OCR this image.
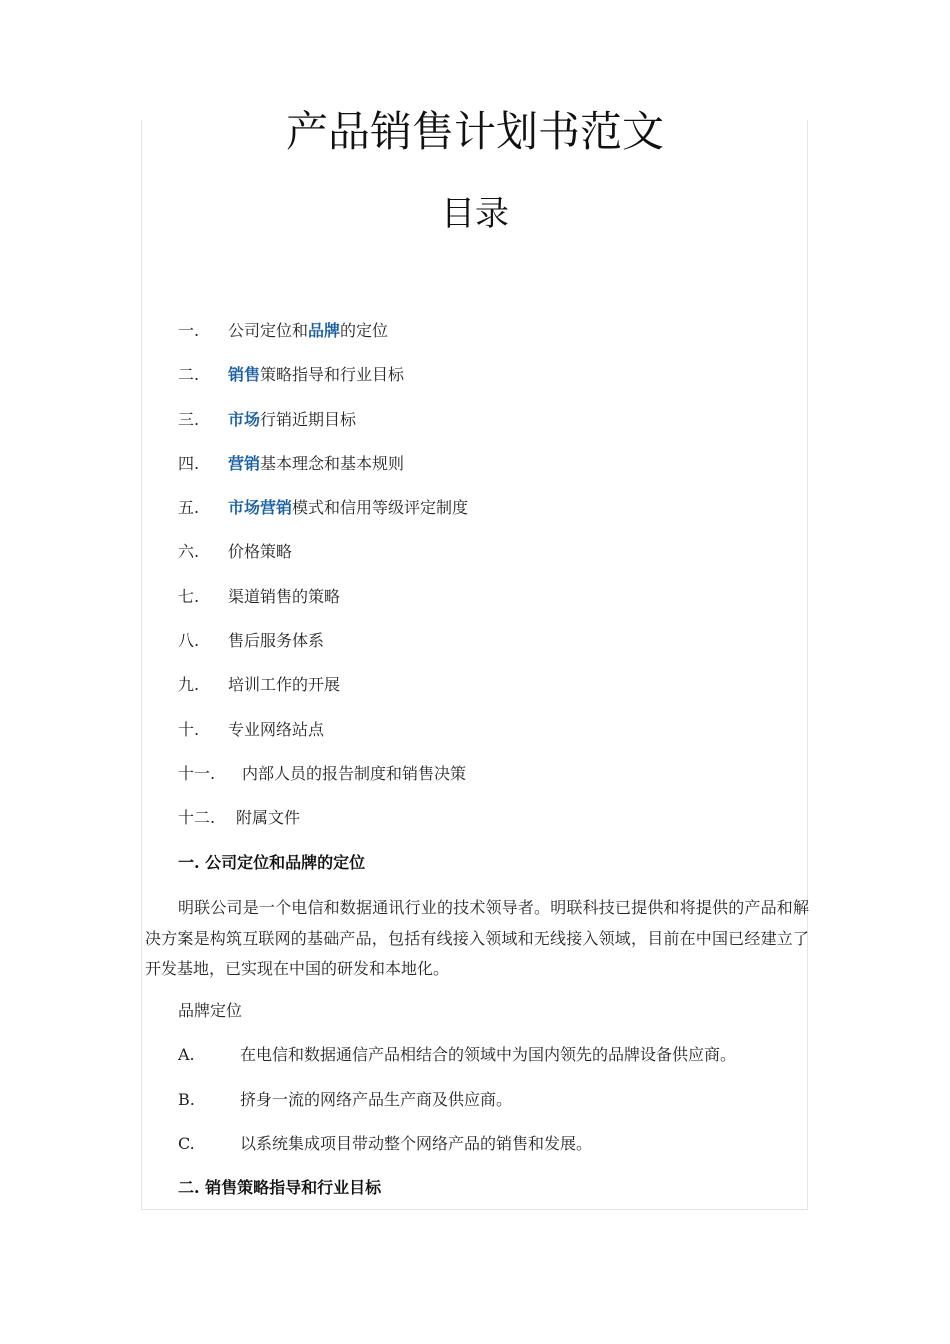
产品销售计划书范文
目录
一. 公司定位和品牌的定位
二. 销售策略指导和行业目标
三. 市场行销近期目标
四. 营销基本理念和基本规则
五. 市场营销模式和信用等级评定制度
六. 价格策略
七. 渠道销售的策略
八. 售后服务体系
九. 培训工作的开展
十. 专业网络站点
十一. 内部人员的报告制度和销售决策
十二. 附属文件
一. 公司定位和品牌的定位

明联公司是一个电信和数据通讯行业的技术领导者。明联科技已提供和将提供的产品和解决方案是构筑互联网的基础产品，包括有线接入领域和无线接入领域，目前在中国已经建立了开发基地，已实现在中国的研发和本地化。

品牌定位

A.	在电信和数据通信产品相结合的领域中为国内领先的品牌设备供应商。

B.	挤身一流的网络产品生产商及供应商。

C.	以系统集成项目带动整个网络产品的销售和发展。

二. 销售策略指导和行业目标
